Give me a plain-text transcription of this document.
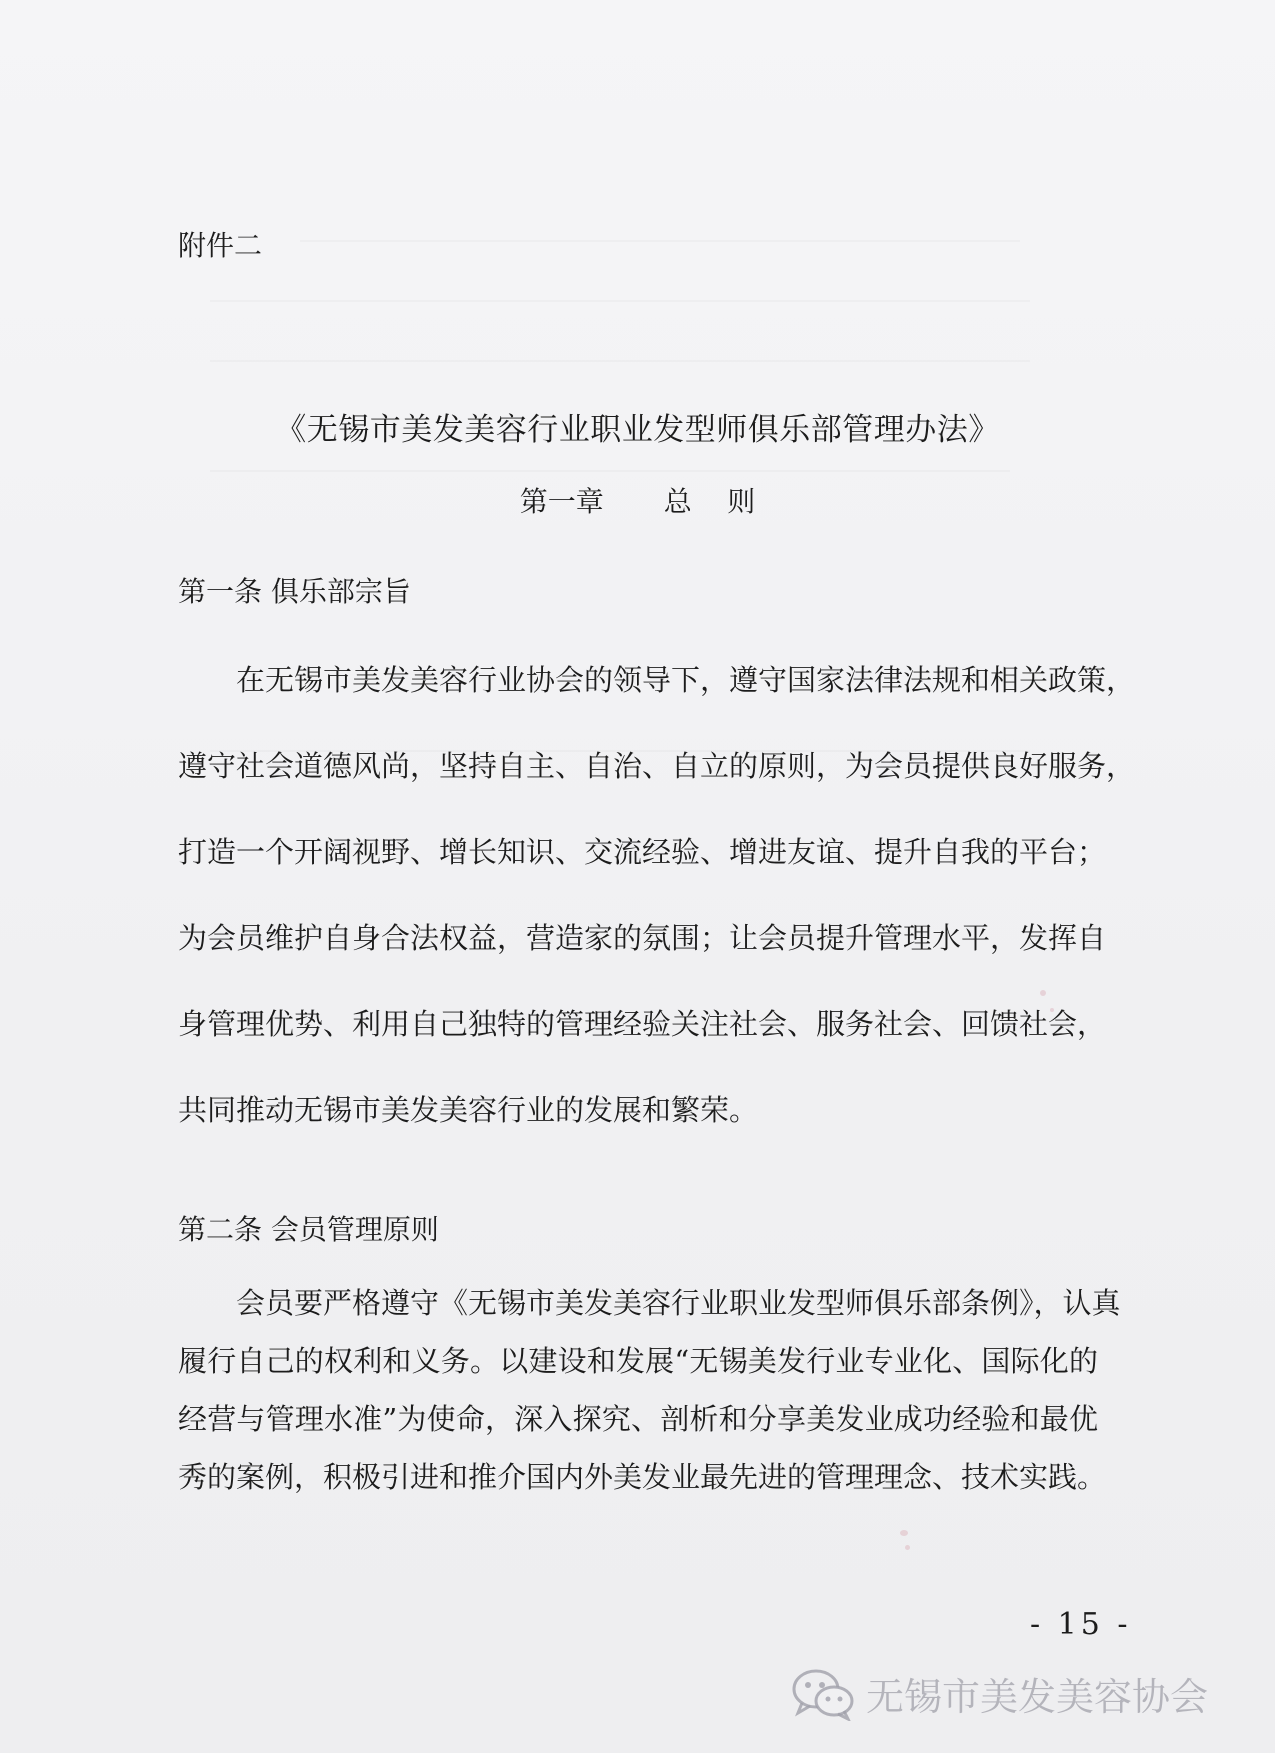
附件二
《无锡市美发美容行业职业发型师俱乐部管理办法》
第一章 总    则
第一条 俱乐部宗旨
在无锡市美发美容行业协会的领导下，遵守国家法律法规和相关政策，
遵守社会道德风尚，坚持自主、自治、自立的原则，为会员提供良好服务，
打造一个开阔视野、增长知识、交流经验、增进友谊、提升自我的平台；
为会员维护自身合法权益，营造家的氛围；让会员提升管理水平，发挥自
身管理优势、利用自己独特的管理经验关注社会、服务社会、回馈社会，
共同推动无锡市美发美容行业的发展和繁荣。
第二条 会员管理原则
会员要严格遵守《无锡市美发美容行业职业发型师俱乐部条例》，认真
履行自己的权利和义务。以建设和发展“无锡美发行业专业化、国际化的
经营与管理水准”为使命，深入探究、剖析和分享美发业成功经验和最优
秀的案例，积极引进和推介国内外美发业最先进的管理理念、技术实践。
- 15 -
无锡市美发美容协会
